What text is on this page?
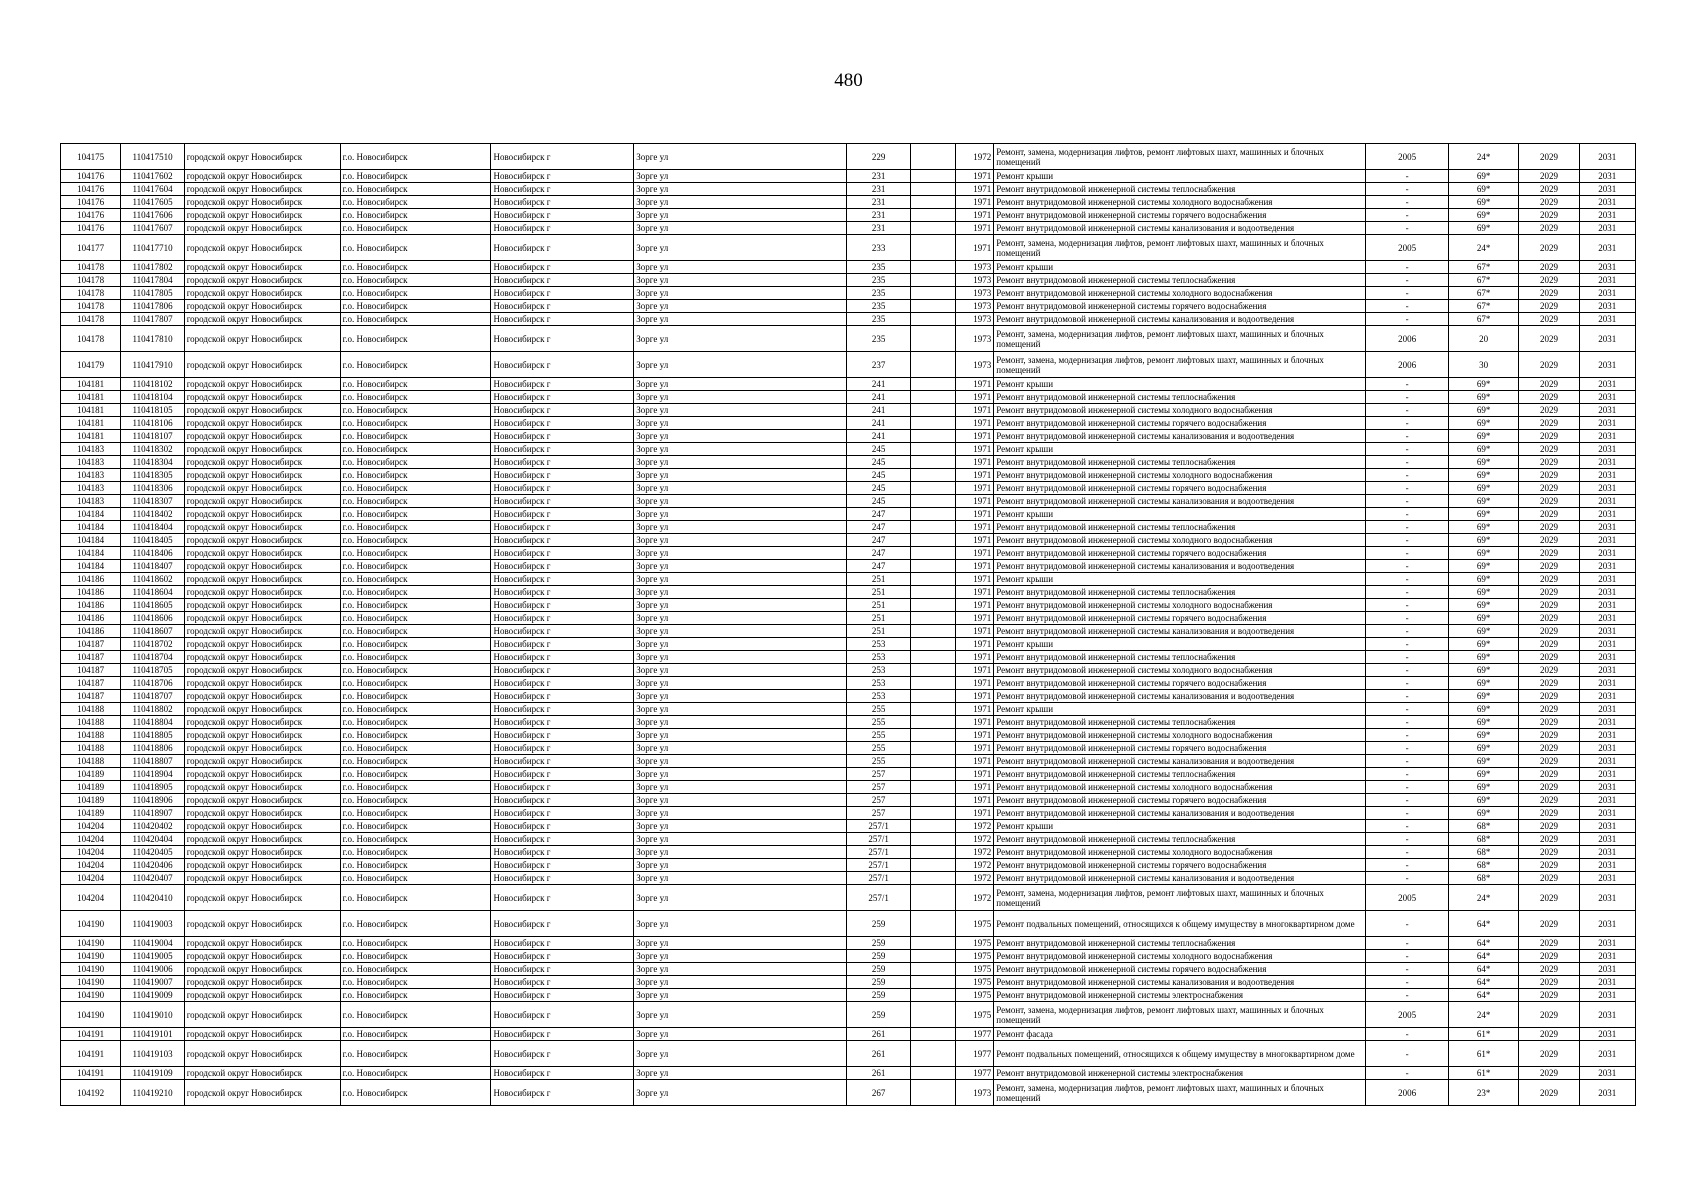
480
104175	110417510	городской округ Новосибирск	г.о. Новосибирск	Новосибирск г	Зорге ул	229		1972	Ремонт, замена, модернизация лифтов, ремонт лифтовых шахт, машинных и блочных помещений	2005	24*	2029	2031
104176	110417602	городской округ Новосибирск	г.о. Новосибирск	Новосибирск г	Зорге ул	231		1971	Ремонт крыши	-	69*	2029	2031
104176	110417604	городской округ Новосибирск	г.о. Новосибирск	Новосибирск г	Зорге ул	231		1971	Ремонт внутридомовой инженерной системы теплоснабжения	-	69*	2029	2031
104176	110417605	городской округ Новосибирск	г.о. Новосибирск	Новосибирск г	Зорге ул	231		1971	Ремонт внутридомовой инженерной системы холодного водоснабжения	-	69*	2029	2031
104176	110417606	городской округ Новосибирск	г.о. Новосибирск	Новосибирск г	Зорге ул	231		1971	Ремонт внутридомовой инженерной системы горячего водоснабжения	-	69*	2029	2031
104176	110417607	городской округ Новосибирск	г.о. Новосибирск	Новосибирск г	Зорге ул	231		1971	Ремонт внутридомовой инженерной системы канализования и водоотведения	-	69*	2029	2031
104177	110417710	городской округ Новосибирск	г.о. Новосибирск	Новосибирск г	Зорге ул	233		1971	Ремонт, замена, модернизация лифтов, ремонт лифтовых шахт, машинных и блочных помещений	2005	24*	2029	2031
104178	110417802	городской округ Новосибирск	г.о. Новосибирск	Новосибирск г	Зорге ул	235		1973	Ремонт крыши	-	67*	2029	2031
104178	110417804	городской округ Новосибирск	г.о. Новосибирск	Новосибирск г	Зорге ул	235		1973	Ремонт внутридомовой инженерной системы теплоснабжения	-	67*	2029	2031
104178	110417805	городской округ Новосибирск	г.о. Новосибирск	Новосибирск г	Зорге ул	235		1973	Ремонт внутридомовой инженерной системы холодного водоснабжения	-	67*	2029	2031
104178	110417806	городской округ Новосибирск	г.о. Новосибирск	Новосибирск г	Зорге ул	235		1973	Ремонт внутридомовой инженерной системы горячего водоснабжения	-	67*	2029	2031
104178	110417807	городской округ Новосибирск	г.о. Новосибирск	Новосибирск г	Зорге ул	235		1973	Ремонт внутридомовой инженерной системы канализования и водоотведения	-	67*	2029	2031
104178	110417810	городской округ Новосибирск	г.о. Новосибирск	Новосибирск г	Зорге ул	235		1973	Ремонт, замена, модернизация лифтов, ремонт лифтовых шахт, машинных и блочных помещений	2006	20	2029	2031
104179	110417910	городской округ Новосибирск	г.о. Новосибирск	Новосибирск г	Зорге ул	237		1973	Ремонт, замена, модернизация лифтов, ремонт лифтовых шахт, машинных и блочных помещений	2006	30	2029	2031
104181	110418102	городской округ Новосибирск	г.о. Новосибирск	Новосибирск г	Зорге ул	241		1971	Ремонт крыши	-	69*	2029	2031
104181	110418104	городской округ Новосибирск	г.о. Новосибирск	Новосибирск г	Зорге ул	241		1971	Ремонт внутридомовой инженерной системы теплоснабжения	-	69*	2029	2031
104181	110418105	городской округ Новосибирск	г.о. Новосибирск	Новосибирск г	Зорге ул	241		1971	Ремонт внутридомовой инженерной системы холодного водоснабжения	-	69*	2029	2031
104181	110418106	городской округ Новосибирск	г.о. Новосибирск	Новосибирск г	Зорге ул	241		1971	Ремонт внутридомовой инженерной системы горячего водоснабжения	-	69*	2029	2031
104181	110418107	городской округ Новосибирск	г.о. Новосибирск	Новосибирск г	Зорге ул	241		1971	Ремонт внутридомовой инженерной системы канализования и водоотведения	-	69*	2029	2031
104183	110418302	городской округ Новосибирск	г.о. Новосибирск	Новосибирск г	Зорге ул	245		1971	Ремонт крыши	-	69*	2029	2031
104183	110418304	городской округ Новосибирск	г.о. Новосибирск	Новосибирск г	Зорге ул	245		1971	Ремонт внутридомовой инженерной системы теплоснабжения	-	69*	2029	2031
104183	110418305	городской округ Новосибирск	г.о. Новосибирск	Новосибирск г	Зорге ул	245		1971	Ремонт внутридомовой инженерной системы холодного водоснабжения	-	69*	2029	2031
104183	110418306	городской округ Новосибирск	г.о. Новосибирск	Новосибирск г	Зорге ул	245		1971	Ремонт внутридомовой инженерной системы горячего водоснабжения	-	69*	2029	2031
104183	110418307	городской округ Новосибирск	г.о. Новосибирск	Новосибирск г	Зорге ул	245		1971	Ремонт внутридомовой инженерной системы канализования и водоотведения	-	69*	2029	2031
104184	110418402	городской округ Новосибирск	г.о. Новосибирск	Новосибирск г	Зорге ул	247		1971	Ремонт крыши	-	69*	2029	2031
104184	110418404	городской округ Новосибирск	г.о. Новосибирск	Новосибирск г	Зорге ул	247		1971	Ремонт внутридомовой инженерной системы теплоснабжения	-	69*	2029	2031
104184	110418405	городской округ Новосибирск	г.о. Новосибирск	Новосибирск г	Зорге ул	247		1971	Ремонт внутридомовой инженерной системы холодного водоснабжения	-	69*	2029	2031
104184	110418406	городской округ Новосибирск	г.о. Новосибирск	Новосибирск г	Зорге ул	247		1971	Ремонт внутридомовой инженерной системы горячего водоснабжения	-	69*	2029	2031
104184	110418407	городской округ Новосибирск	г.о. Новосибирск	Новосибирск г	Зорге ул	247		1971	Ремонт внутридомовой инженерной системы канализования и водоотведения	-	69*	2029	2031
104186	110418602	городской округ Новосибирск	г.о. Новосибирск	Новосибирск г	Зорге ул	251		1971	Ремонт крыши	-	69*	2029	2031
104186	110418604	городской округ Новосибирск	г.о. Новосибирск	Новосибирск г	Зорге ул	251		1971	Ремонт внутридомовой инженерной системы теплоснабжения	-	69*	2029	2031
104186	110418605	городской округ Новосибирск	г.о. Новосибирск	Новосибирск г	Зорге ул	251		1971	Ремонт внутридомовой инженерной системы холодного водоснабжения	-	69*	2029	2031
104186	110418606	городской округ Новосибирск	г.о. Новосибирск	Новосибирск г	Зорге ул	251		1971	Ремонт внутридомовой инженерной системы горячего водоснабжения	-	69*	2029	2031
104186	110418607	городской округ Новосибирск	г.о. Новосибирск	Новосибирск г	Зорге ул	251		1971	Ремонт внутридомовой инженерной системы канализования и водоотведения	-	69*	2029	2031
104187	110418702	городской округ Новосибирск	г.о. Новосибирск	Новосибирск г	Зорге ул	253		1971	Ремонт крыши	-	69*	2029	2031
104187	110418704	городской округ Новосибирск	г.о. Новосибирск	Новосибирск г	Зорге ул	253		1971	Ремонт внутридомовой инженерной системы теплоснабжения	-	69*	2029	2031
104187	110418705	городской округ Новосибирск	г.о. Новосибирск	Новосибирск г	Зорге ул	253		1971	Ремонт внутридомовой инженерной системы холодного водоснабжения	-	69*	2029	2031
104187	110418706	городской округ Новосибирск	г.о. Новосибирск	Новосибирск г	Зорге ул	253		1971	Ремонт внутридомовой инженерной системы горячего водоснабжения	-	69*	2029	2031
104187	110418707	городской округ Новосибирск	г.о. Новосибирск	Новосибирск г	Зорге ул	253		1971	Ремонт внутридомовой инженерной системы канализования и водоотведения	-	69*	2029	2031
104188	110418802	городской округ Новосибирск	г.о. Новосибирск	Новосибирск г	Зорге ул	255		1971	Ремонт крыши	-	69*	2029	2031
104188	110418804	городской округ Новосибирск	г.о. Новосибирск	Новосибирск г	Зорге ул	255		1971	Ремонт внутридомовой инженерной системы теплоснабжения	-	69*	2029	2031
104188	110418805	городской округ Новосибирск	г.о. Новосибирск	Новосибирск г	Зорге ул	255		1971	Ремонт внутридомовой инженерной системы холодного водоснабжения	-	69*	2029	2031
104188	110418806	городской округ Новосибирск	г.о. Новосибирск	Новосибирск г	Зорге ул	255		1971	Ремонт внутридомовой инженерной системы горячего водоснабжения	-	69*	2029	2031
104188	110418807	городской округ Новосибирск	г.о. Новосибирск	Новосибирск г	Зорге ул	255		1971	Ремонт внутридомовой инженерной системы канализования и водоотведения	-	69*	2029	2031
104189	110418904	городской округ Новосибирск	г.о. Новосибирск	Новосибирск г	Зорге ул	257		1971	Ремонт внутридомовой инженерной системы теплоснабжения	-	69*	2029	2031
104189	110418905	городской округ Новосибирск	г.о. Новосибирск	Новосибирск г	Зорге ул	257		1971	Ремонт внутридомовой инженерной системы холодного водоснабжения	-	69*	2029	2031
104189	110418906	городской округ Новосибирск	г.о. Новосибирск	Новосибирск г	Зорге ул	257		1971	Ремонт внутридомовой инженерной системы горячего водоснабжения	-	69*	2029	2031
104189	110418907	городской округ Новосибирск	г.о. Новосибирск	Новосибирск г	Зорге ул	257		1971	Ремонт внутридомовой инженерной системы канализования и водоотведения	-	69*	2029	2031
104204	110420402	городской округ Новосибирск	г.о. Новосибирск	Новосибирск г	Зорге ул	257/1		1972	Ремонт крыши	-	68*	2029	2031
104204	110420404	городской округ Новосибирск	г.о. Новосибирск	Новосибирск г	Зорге ул	257/1		1972	Ремонт внутридомовой инженерной системы теплоснабжения	-	68*	2029	2031
104204	110420405	городской округ Новосибирск	г.о. Новосибирск	Новосибирск г	Зорге ул	257/1		1972	Ремонт внутридомовой инженерной системы холодного водоснабжения	-	68*	2029	2031
104204	110420406	городской округ Новосибирск	г.о. Новосибирск	Новосибирск г	Зорге ул	257/1		1972	Ремонт внутридомовой инженерной системы горячего водоснабжения	-	68*	2029	2031
104204	110420407	городской округ Новосибирск	г.о. Новосибирск	Новосибирск г	Зорге ул	257/1		1972	Ремонт внутридомовой инженерной системы канализования и водоотведения	-	68*	2029	2031
104204	110420410	городской округ Новосибирск	г.о. Новосибирск	Новосибирск г	Зорге ул	257/1		1972	Ремонт, замена, модернизация лифтов, ремонт лифтовых шахт, машинных и блочных помещений	2005	24*	2029	2031
104190	110419003	городской округ Новосибирск	г.о. Новосибирск	Новосибирск г	Зорге ул	259		1975	Ремонт подвальных помещений, относящихся к общему имуществу в многоквартирном доме	-	64*	2029	2031
104190	110419004	городской округ Новосибирск	г.о. Новосибирск	Новосибирск г	Зорге ул	259		1975	Ремонт внутридомовой инженерной системы теплоснабжения	-	64*	2029	2031
104190	110419005	городской округ Новосибирск	г.о. Новосибирск	Новосибирск г	Зорге ул	259		1975	Ремонт внутридомовой инженерной системы холодного водоснабжения	-	64*	2029	2031
104190	110419006	городской округ Новосибирск	г.о. Новосибирск	Новосибирск г	Зорге ул	259		1975	Ремонт внутридомовой инженерной системы горячего водоснабжения	-	64*	2029	2031
104190	110419007	городской округ Новосибирск	г.о. Новосибирск	Новосибирск г	Зорге ул	259		1975	Ремонт внутридомовой инженерной системы канализования и водоотведения	-	64*	2029	2031
104190	110419009	городской округ Новосибирск	г.о. Новосибирск	Новосибирск г	Зорге ул	259		1975	Ремонт внутридомовой инженерной системы электроснабжения	-	64*	2029	2031
104190	110419010	городской округ Новосибирск	г.о. Новосибирск	Новосибирск г	Зорге ул	259		1975	Ремонт, замена, модернизация лифтов, ремонт лифтовых шахт, машинных и блочных помещений	2005	24*	2029	2031
104191	110419101	городской округ Новосибирск	г.о. Новосибирск	Новосибирск г	Зорге ул	261		1977	Ремонт фасада	-	61*	2029	2031
104191	110419103	городской округ Новосибирск	г.о. Новосибирск	Новосибирск г	Зорге ул	261		1977	Ремонт подвальных помещений, относящихся к общему имуществу в многоквартирном доме	-	61*	2029	2031
104191	110419109	городской округ Новосибирск	г.о. Новосибирск	Новосибирск г	Зорге ул	261		1977	Ремонт внутридомовой инженерной системы электроснабжения	-	61*	2029	2031
104192	110419210	городской округ Новосибирск	г.о. Новосибирск	Новосибирск г	Зорге ул	267		1973	Ремонт, замена, модернизация лифтов, ремонт лифтовых шахт, машинных и блочных помещений	2006	23*	2029	2031
